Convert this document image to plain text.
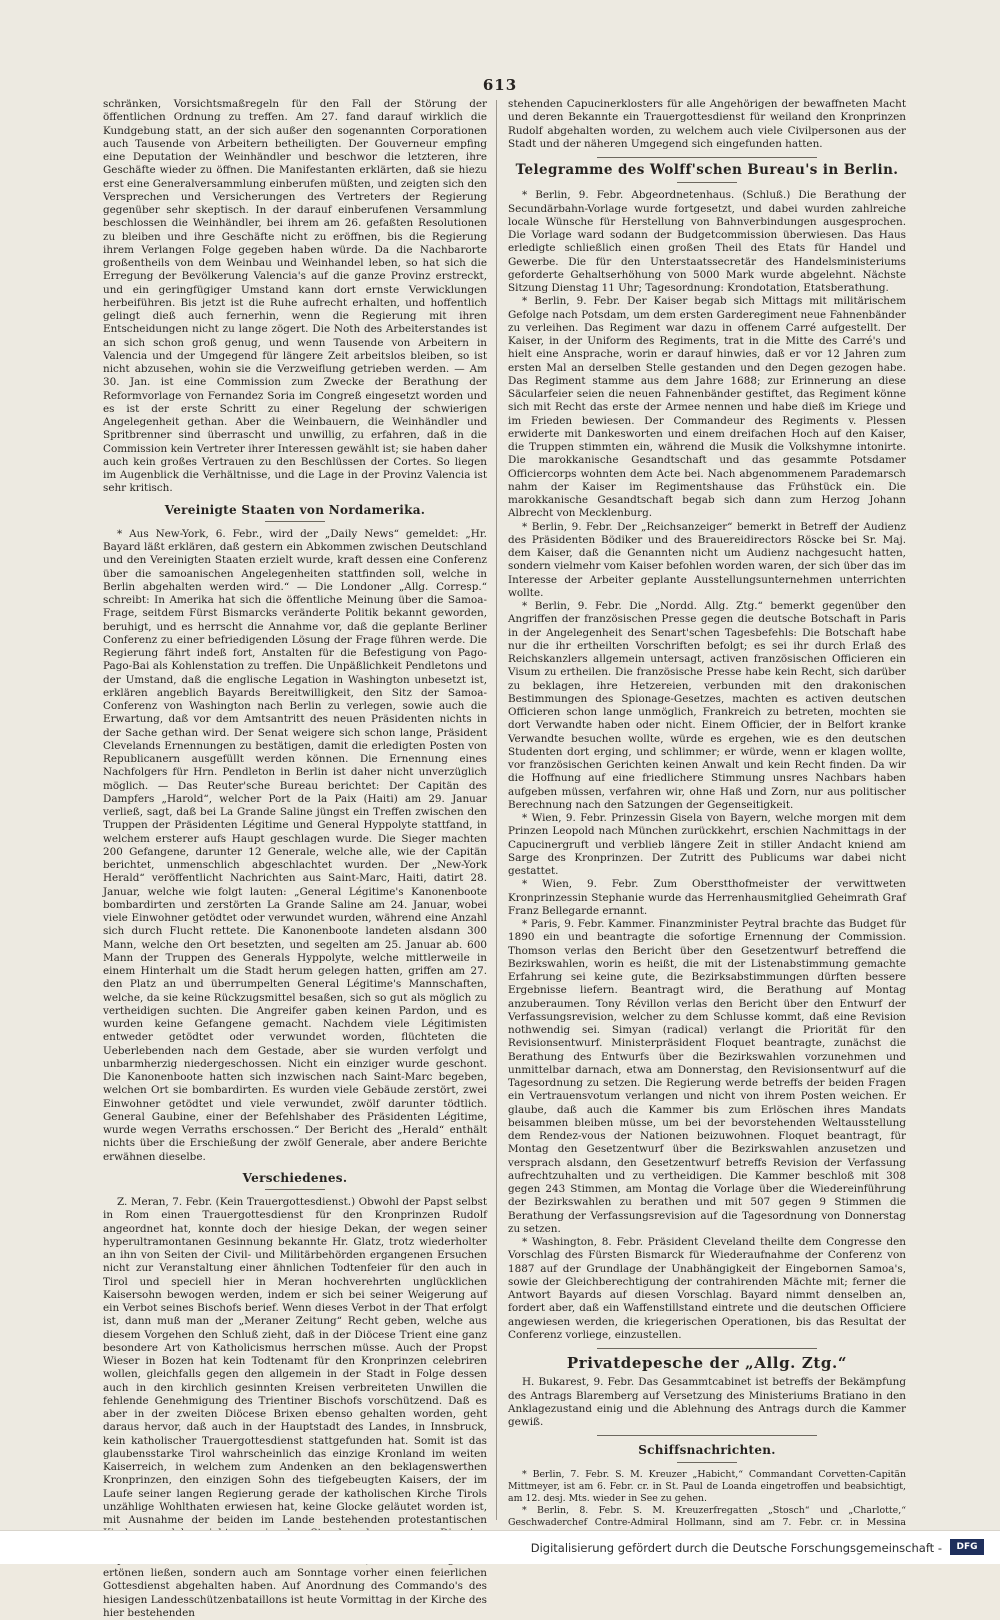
613

schränken, Vorsichtsmaßregeln für den Fall der Störung der öffentlichen Ordnung zu treffen. Am 27. fand darauf wirklich die Kundgebung statt, an der sich außer den sogenannten Corporationen auch Tausende von Arbeitern betheiligten. Der Gouverneur empfing eine Deputation der Weinhändler und beschwor die letzteren, ihre Geschäfte wieder zu öffnen. Die Manifestanten erklärten, daß sie hiezu erst eine Generalversammlung einberufen müßten, und zeigten sich den Versprechen und Versicherungen des Vertreters der Regierung gegenüber sehr skeptisch. In der darauf einberufenen Versammlung beschlossen die Weinhändler, bei ihrem am 26. gefaßten Resolutionen zu bleiben und ihre Geschäfte nicht zu eröffnen, bis die Regierung ihrem Verlangen Folge gegeben haben würde. Da die Nachbarorte großentheils von dem Weinbau und Weinhandel leben, so hat sich die Erregung der Bevölkerung Valencia's auf die ganze Provinz erstreckt, und ein geringfügiger Umstand kann dort ernste Verwicklungen herbeiführen. Bis jetzt ist die Ruhe aufrecht erhalten, und hoffentlich gelingt dieß auch fernerhin, wenn die Regierung mit ihren Entscheidungen nicht zu lange zögert. Die Noth des Arbeiterstandes ist an sich schon groß genug, und wenn Tausende von Arbeitern in Valencia und der Umgegend für längere Zeit arbeitslos bleiben, so ist nicht abzusehen, wohin sie die Verzweiflung getrieben werden. — Am 30. Jan. ist eine Commission zum Zwecke der Berathung der Reformvorlage von Fernandez Soria im Congreß eingesetzt worden und es ist der erste Schritt zu einer Regelung der schwierigen Angelegenheit gethan. Aber die Weinbauern, die Weinhändler und Spritbrenner sind überrascht und unwillig, zu erfahren, daß in die Commission kein Vertreter ihrer Interessen gewählt ist; sie haben daher auch kein großes Vertrauen zu den Beschlüssen der Cortes. So liegen im Augenblick die Verhältnisse, und die Lage in der Provinz Valencia ist sehr kritisch.

Vereinigte Staaten von Nordamerika.

* Aus New-York, 6. Febr., wird der „Daily News“ gemeldet: „Hr. Bayard läßt erklären, daß gestern ein Abkommen zwischen Deutschland und den Vereinigten Staaten erzielt wurde, kraft dessen eine Conferenz über die samoanischen Angelegenheiten stattfinden soll, welche in Berlin abgehalten werden wird.“ — Die Londoner „Allg. Corresp.“ schreibt: In Amerika hat sich die öffentliche Meinung über die Samoa-Frage, seitdem Fürst Bismarcks veränderte Politik bekannt geworden, beruhigt, und es herrscht die Annahme vor, daß die geplante Berliner Conferenz zu einer befriedigenden Lösung der Frage führen werde. Die Regierung fährt indeß fort, Anstalten für die Befestigung von Pago-Pago-Bai als Kohlenstation zu treffen. Die Unpäßlichkeit Pendletons und der Umstand, daß die englische Legation in Washington unbesetzt ist, erklären angeblich Bayards Bereitwilligkeit, den Sitz der Samoa-Conferenz von Washington nach Berlin zu verlegen, sowie auch die Erwartung, daß vor dem Amtsantritt des neuen Präsidenten nichts in der Sache gethan wird. Der Senat weigere sich schon lange, Präsident Clevelands Ernennungen zu bestätigen, damit die erledigten Posten von Republicanern ausgefüllt werden können. Die Ernennung eines Nachfolgers für Hrn. Pendleton in Berlin ist daher nicht unverzüglich möglich. — Das Reuter'sche Bureau berichtet: Der Capitän des Dampfers „Harold“, welcher Port de la Paix (Haiti) am 29. Januar verließ, sagt, daß bei La Grande Saline jüngst ein Treffen zwischen den Truppen der Präsidenten Légitime und General Hyppolyte stattfand, in welchem ersterer aufs Haupt geschlagen wurde. Die Sieger machten 200 Gefangene, darunter 12 Generale, welche alle, wie der Capitän berichtet, unmenschlich abgeschlachtet wurden. Der „New-York Herald“ veröffentlicht Nachrichten aus Saint-Marc, Haiti, datirt 28. Januar, welche wie folgt lauten: „General Légitime's Kanonenboote bombardirten und zerstörten La Grande Saline am 24. Januar, wobei viele Einwohner getödtet oder verwundet wurden, während eine Anzahl sich durch Flucht rettete. Die Kanonenboote landeten alsdann 300 Mann, welche den Ort besetzten, und segelten am 25. Januar ab. 600 Mann der Truppen des Generals Hyppolyte, welche mittlerweile in einem Hinterhalt um die Stadt herum gelegen hatten, griffen am 27. den Platz an und überrumpelten General Légitime's Mannschaften, welche, da sie keine Rückzugsmittel besaßen, sich so gut als möglich zu vertheidigen suchten. Die Angreifer gaben keinen Pardon, und es wurden keine Gefangene gemacht. Nachdem viele Légitimisten entweder getödtet oder verwundet worden, flüchteten die Ueberlebenden nach dem Gestade, aber sie wurden verfolgt und unbarmherzig niedergeschossen. Nicht ein einziger wurde geschont. Die Kanonenboote hatten sich inzwischen nach Saint-Marc begeben, welchen Ort sie bombardirten. Es wurden viele Gebäude zerstört, zwei Einwohner getödtet und viele verwundet, zwölf darunter tödtlich. General Gaubine, einer der Befehlshaber des Präsidenten Légitime, wurde wegen Verraths erschossen.“ Der Bericht des „Herald“ enthält nichts über die Erschießung der zwölf Generale, aber andere Berichte erwähnen dieselbe.

Verschiedenes.

Z. Meran, 7. Febr. (Kein Trauergottesdienst.) Obwohl der Papst selbst in Rom einen Trauergottesdienst für den Kronprinzen Rudolf angeordnet hat, konnte doch der hiesige Dekan, der wegen seiner hyperultramontanen Gesinnung bekannte Hr. Glatz, trotz wiederholter an ihn von Seiten der Civil- und Militärbehörden ergangenen Ersuchen nicht zur Veranstaltung einer ähnlichen Todtenfeier für den auch in Tirol und speciell hier in Meran hochverehrten unglücklichen Kaisersohn bewogen werden, indem er sich bei seiner Weigerung auf ein Verbot seines Bischofs berief. Wenn dieses Verbot in der That erfolgt ist, dann muß man der „Meraner Zeitung“ Recht geben, welche aus diesem Vorgehen den Schluß zieht, daß in der Diöcese Trient eine ganz besondere Art von Katholicismus herrschen müsse. Auch der Propst Wieser in Bozen hat kein Todtenamt für den Kronprinzen celebriren wollen, gleichfalls gegen den allgemein in der Stadt in Folge dessen auch in den kirchlich gesinnten Kreisen verbreiteten Unwillen die fehlende Genehmigung des Trientiner Bischofs vorschützend. Daß es aber in der zweiten Diöcese Brixen ebenso gehalten worden, geht daraus hervor, daß auch in der Hauptstadt des Landes, in Innsbruck, kein katholischer Trauergottesdienst stattgefunden hat. Somit ist das glaubensstarke Tirol wahrscheinlich das einzige Kronland im weiten Kaiserreich, in welchem zum Andenken an den beklagenswerthen Kronprinzen, den einzigen Sohn des tiefgebeugten Kaisers, der im Laufe seiner langen Regierung gerade der katholischen Kirche Tirols unzählige Wohlthaten erwiesen hat, keine Glocke geläutet worden ist, mit Ausnahme der beiden im Lande bestehenden protestantischen ertönen ließen, sondern auch am Sonntage vorher einen feierlichen Gottesdienst abgehalten haben. Auf Anordnung des Commando's des hiesigen Landesschützenbataillons ist heute Vormittag in der Kirche des hier bestehenden

stehenden Capucinerklosters für alle Angehörigen der bewaffneten Macht und deren Bekannte ein Trauergottesdienst für weiland den Kronprinzen Rudolf abgehalten worden, zu welchem auch viele Civilpersonen aus der Stadt und der näheren Umgegend sich eingefunden hatten.

Telegramme des Wolff'schen Bureau's in Berlin.

* Berlin, 9. Febr. Abgeordnetenhaus. (Schluß.) Die Berathung der Secundärbahn-Vorlage wurde fortgesetzt, und dabei wurden zahlreiche locale Wünsche für Herstellung von Bahnverbindungen ausgesprochen. Die Vorlage ward sodann der Budgetcommission überwiesen. Das Haus erledigte schließlich einen großen Theil des Etats für Handel und Gewerbe. Die für den Unterstaatssecretär des Handelsministeriums geforderte Gehaltserhöhung von 5000 Mark wurde abgelehnt. Nächste Sitzung Dienstag 11 Uhr; Tagesordnung: Krondotation, Etatsberathung.

* Berlin, 9. Febr. Der Kaiser begab sich Mittags mit militärischem Gefolge nach Potsdam, um dem ersten Garderegiment neue Fahnenbänder zu verleihen. Das Regiment war dazu in offenem Carré aufgestellt. Der Kaiser, in der Uniform des Regiments, trat in die Mitte des Carré's und hielt eine Ansprache, worin er darauf hinwies, daß er vor 12 Jahren zum ersten Mal an derselben Stelle gestanden und den Degen gezogen habe. Das Regiment stamme aus dem Jahre 1688; zur Erinnerung an diese Säcularfeier seien die neuen Fahnenbänder gestiftet, das Regiment könne sich mit Recht das erste der Armee nennen und habe dieß im Kriege und im Frieden bewiesen. Der Commandeur des Regiments v. Plessen erwiderte mit Dankesworten und einem dreifachen Hoch auf den Kaiser, die Truppen stimmten ein, während die Musik die Volkshymne intonirte. Die marokkanische Gesandtschaft und das gesammte Potsdamer Officiercorps wohnten dem Acte bei. Nach abgenommenem Parademarsch nahm der Kaiser im Regimentshause das Frühstück ein. Die marokkanische Gesandtschaft begab sich dann zum Herzog Johann Albrecht von Mecklenburg.

* Berlin, 9. Febr. Der „Reichsanzeiger“ bemerkt in Betreff der Audienz des Präsidenten Bödiker und des Brauereidirectors Röscke bei Sr. Maj. dem Kaiser, daß die Genannten nicht um Audienz nachgesucht hatten, sondern vielmehr vom Kaiser befohlen worden waren, der sich über das im Interesse der Arbeiter geplante Ausstellungsunternehmen unterrichten wollte.

* Berlin, 9. Febr. Die „Nordd. Allg. Ztg.“ bemerkt gegenüber den Angriffen der französischen Presse gegen die deutsche Botschaft in Paris in der Angelegenheit des Senart'schen Tagesbefehls: Die Botschaft habe nur die ihr ertheilten Vorschriften befolgt; es sei ihr durch Erlaß des Reichskanzlers allgemein untersagt, activen französischen Officieren ein Visum zu ertheilen. Die französische Presse habe kein Recht, sich darüber zu beklagen, ihre Hetzereien, verbunden mit den drakonischen Bestimmungen des Spionage-Gesetzes, machten es activen deutschen Officieren schon lange unmöglich, Frankreich zu betreten, mochten sie dort Verwandte haben oder nicht. Einem Officier, der in Belfort kranke Verwandte besuchen wollte, würde es ergehen, wie es den deutschen Studenten dort erging, und schlimmer; er würde, wenn er klagen wollte, vor französischen Gerichten keinen Anwalt und kein Recht finden. Da wir die Hoffnung auf eine friedlichere Stimmung unsres Nachbars haben aufgeben müssen, verfahren wir, ohne Haß und Zorn, nur aus politischer Berechnung nach den Satzungen der Gegenseitigkeit.

* Wien, 9. Febr. Prinzessin Gisela von Bayern, welche morgen mit dem Prinzen Leopold nach München zurückkehrt, erschien Nachmittags in der Capucinergruft und verblieb längere Zeit in stiller Andacht kniend am Sarge des Kronprinzen. Der Zutritt des Publicums war dabei nicht gestattet.

* Wien, 9. Febr. Zum Oberstthofmeister der verwittweten Kronprinzessin Stephanie wurde das Herrenhausmitglied Geheimrath Graf Franz Bellegarde ernannt.

* Paris, 9. Febr. Kammer. Finanzminister Peytral brachte das Budget für 1890 ein und beantragte die sofortige Ernennung der Commission. Thomson verlas den Bericht über den Gesetzentwurf betreffend die Bezirkswahlen, worin es heißt, die mit der Listenabstimmung gemachte Erfahrung sei keine gute, die Bezirksabstimmungen dürften bessere Ergebnisse liefern. Beantragt wird, die Berathung auf Montag anzuberaumen. Tony Révillon verlas den Bericht über den Entwurf der Verfassungsrevision, welcher zu dem Schlusse kommt, daß eine Revision nothwendig sei. Simyan (radical) verlangt die Priorität für den Revisionsentwurf. Ministerpräsident Floquet beantragte, zunächst die Berathung des Entwurfs über die Bezirkswahlen vorzunehmen und unmittelbar darnach, etwa am Donnerstag, den Revisionsentwurf auf die Tagesordnung zu setzen. Die Regierung werde betreffs der beiden Fragen ein Vertrauensvotum verlangen und nicht von ihrem Posten weichen. Er glaube, daß auch die Kammer bis zum Erlöschen ihres Mandats beisammen bleiben müsse, um bei der bevorstehenden Weltausstellung dem Rendez-vous der Nationen beizuwohnen. Floquet beantragt, für Montag den Gesetzentwurf über die Bezirkswahlen anzusetzen und versprach alsdann, den Gesetzentwurf betreffs Revision der Verfassung aufrechtzuhalten und zu vertheidigen. Die Kammer beschloß mit 308 gegen 243 Stimmen, am Montag die Vorlage über die Wiedereinführung der Bezirkswahlen zu berathen und mit 507 gegen 9 Stimmen die Berathung der Verfassungsrevision auf die Tagesordnung von Donnerstag zu setzen.

* Washington, 8. Febr. Präsident Cleveland theilte dem Congresse den Vorschlag des Fürsten Bismarck für Wiederaufnahme der Conferenz von 1887 auf der Grundlage der Unabhängigkeit der Eingebornen Samoa's, sowie der Gleichberechtigung der contrahirenden Mächte mit; ferner die Antwort Bayards auf diesen Vorschlag. Bayard nimmt denselben an, fordert aber, daß ein Waffenstillstand eintrete und die deutschen Officiere angewiesen werden, die kriegerischen Operationen, bis das Resultat der Conferenz vorliege, einzustellen.

Privatdepesche der „Allg. Ztg.“

H. Bukarest, 9. Febr. Das Gesammtcabinet ist betreffs der Bekämpfung des Antrags Blaremberg auf Versetzung des Ministeriums Bratiano in den Anklagezustand einig und die Ablehnung des Antrags durch die Kammer gewiß.

Schiffsnachrichten.

* Berlin, 7. Febr. S. M. Kreuzer „Habicht,“ Commandant Corvetten-Capitän Mittmeyer, ist am 6. Febr. cr. in St. Paul de Loanda eingetroffen und beabsichtigt, am 12. desj. Mts. wieder in See zu gehen.

* Berlin, 8. Febr. S. M. Kreuzerfregatten „Stosch“ und „Charlotte,“ Geschwaderchef Contre-Admiral Hollmann, sind am 7. Febr. cr. in Messina

Digitalisierung gefördert durch die Deutsche Forschungsgemeinschaft -	DFG
